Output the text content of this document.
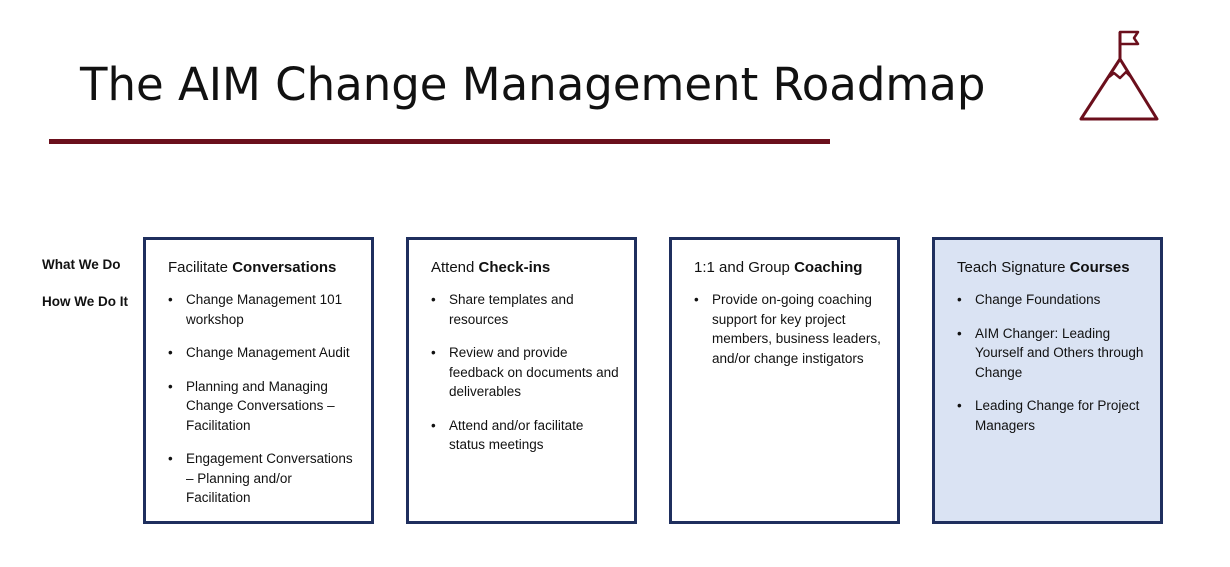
The AIM Change Management Roadmap
What We Do
How We Do It
Facilitate Conversations
• Change Management 101 workshop
• Change Management Audit
• Planning and Managing Change Conversations – Facilitation
• Engagement Conversations – Planning and/or Facilitation
Attend Check-ins
• Share templates and resources
• Review and provide feedback on documents and deliverables
• Attend and/or facilitate status meetings
1:1 and Group Coaching
• Provide on-going coaching support for key project members, business leaders, and/or change instigators
Teach Signature Courses
• Change Foundations
• AIM Changer: Leading Yourself and Others through Change
• Leading Change for Project Managers
